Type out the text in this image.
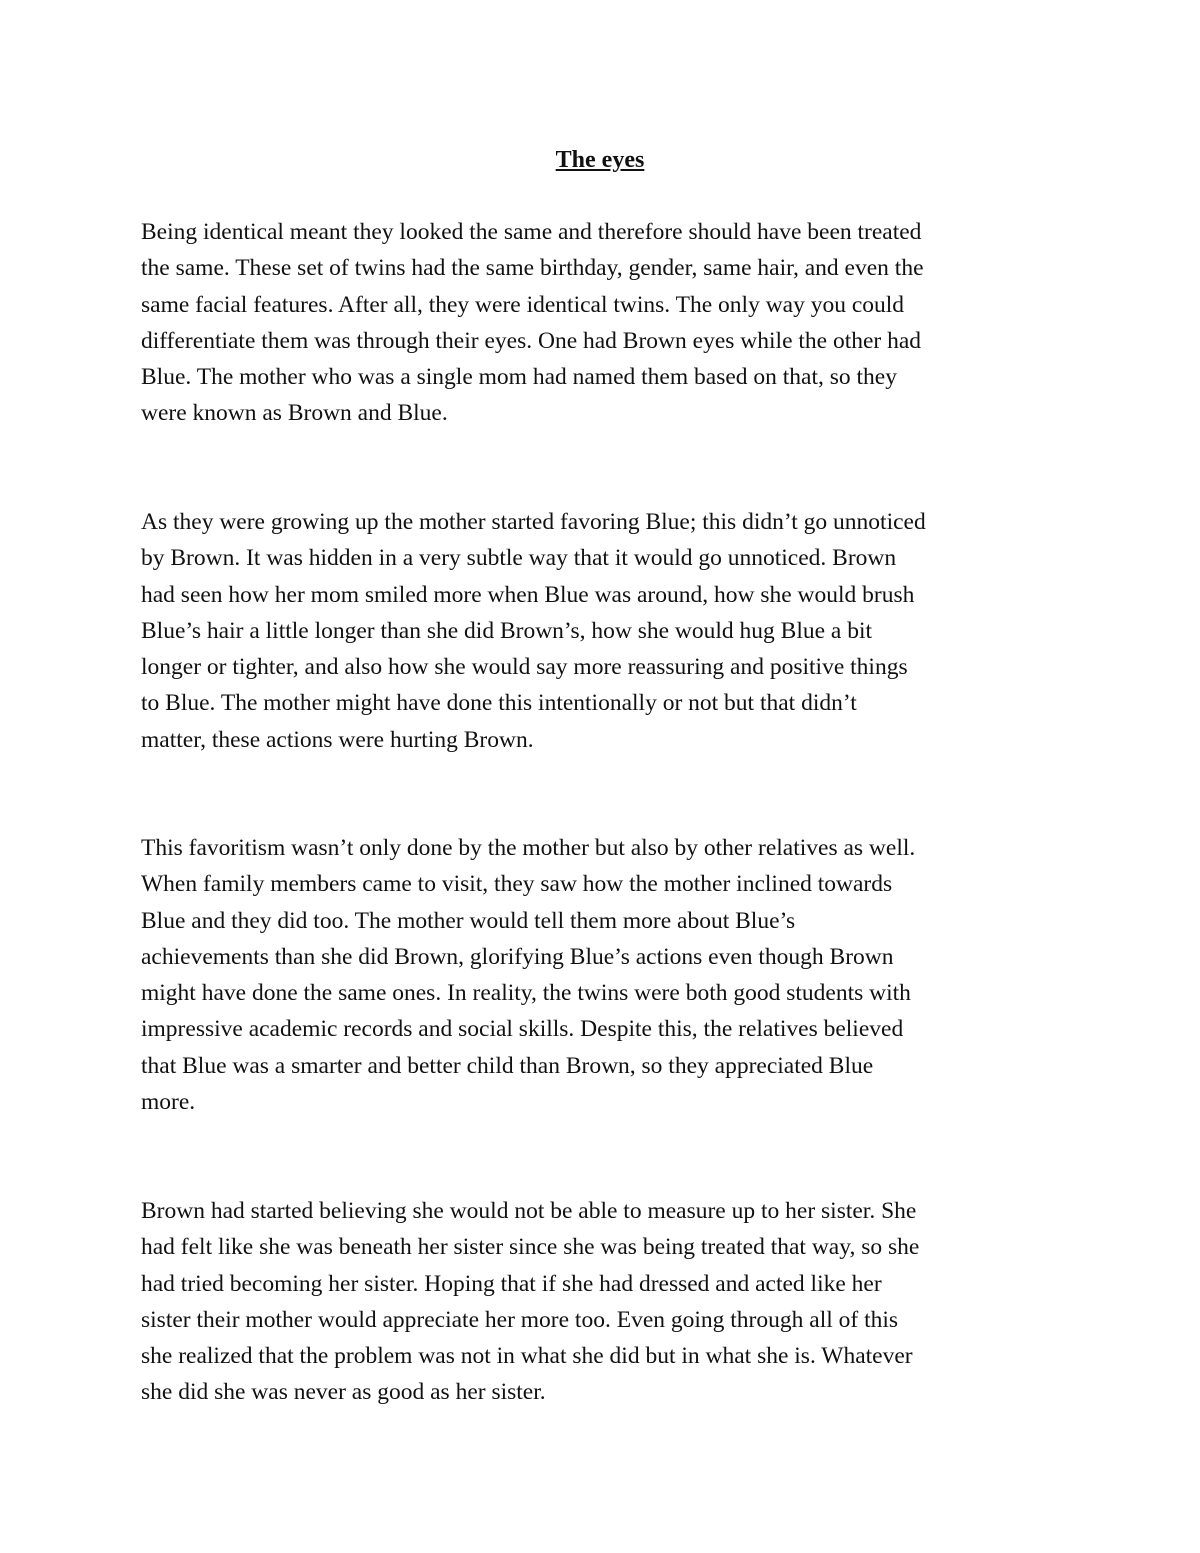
The eyes
Being identical meant they looked the same and therefore should have been treated
the same. These set of twins had the same birthday, gender, same hair, and even the
same facial features. After all, they were identical twins. The only way you could
differentiate them was through their eyes. One had Brown eyes while the other had
Blue. The mother who was a single mom had named them based on that, so they
were known as Brown and Blue.
As they were growing up the mother started favoring Blue; this didn’t go unnoticed
by Brown. It was hidden in a very subtle way that it would go unnoticed. Brown
had seen how her mom smiled more when Blue was around, how she would brush
Blue’s hair a little longer than she did Brown’s, how she would hug Blue a bit
longer or tighter, and also how she would say more reassuring and positive things
to Blue. The mother might have done this intentionally or not but that didn’t
matter, these actions were hurting Brown.
This favoritism wasn’t only done by the mother but also by other relatives as well.
When family members came to visit, they saw how the mother inclined towards
Blue and they did too. The mother would tell them more about Blue’s
achievements than she did Brown, glorifying Blue’s actions even though Brown
might have done the same ones. In reality, the twins were both good students with
impressive academic records and social skills. Despite this, the relatives believed
that Blue was a smarter and better child than Brown, so they appreciated Blue
more.
Brown had started believing she would not be able to measure up to her sister. She
had felt like she was beneath her sister since she was being treated that way, so she
had tried becoming her sister. Hoping that if she had dressed and acted like her
sister their mother would appreciate her more too. Even going through all of this
she realized that the problem was not in what she did but in what she is. Whatever
she did she was never as good as her sister.
